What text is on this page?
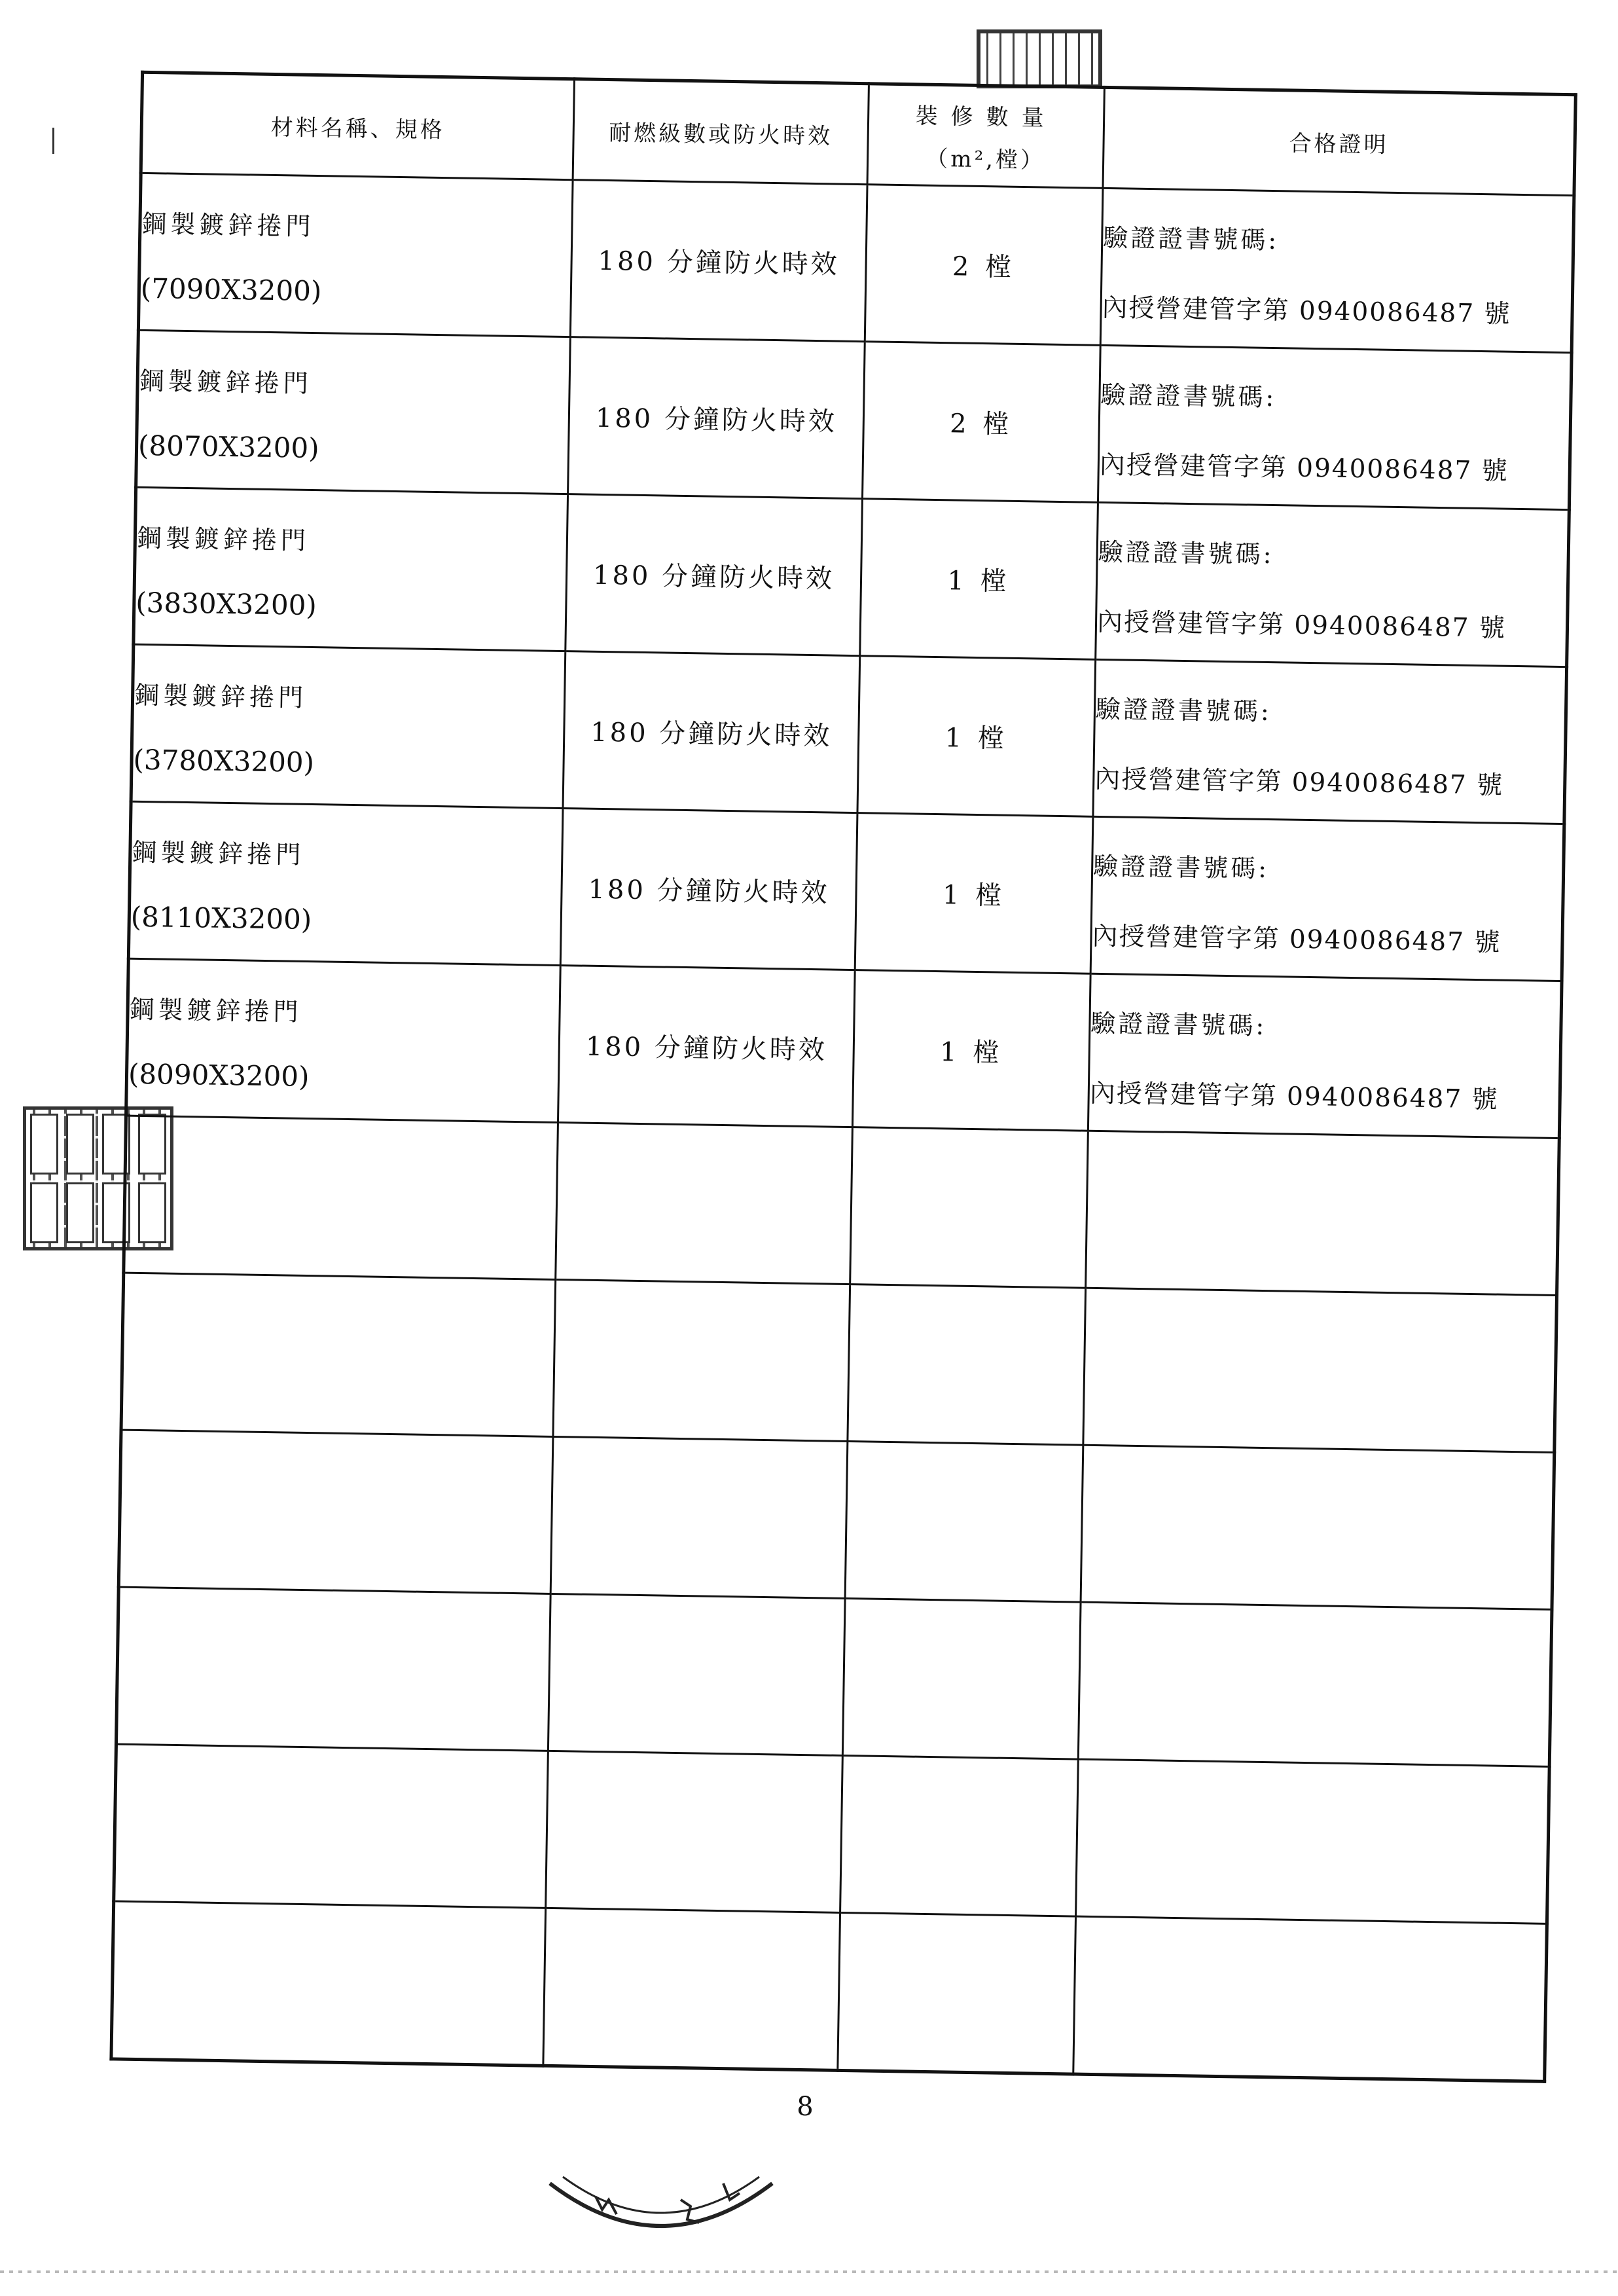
材料名稱、規格	耐燃級數或防火時效	裝修數量
（m²,樘）	合格證明

鋼製鍍鋅捲門
(7090X3200)	180 分鐘防火時效	2 樘	驗證證書號碼:
內授營建管字第 0940086487 號

鋼製鍍鋅捲門
(8070X3200)	180 分鐘防火時效	2 樘	驗證證書號碼:
內授營建管字第 0940086487 號

鋼製鍍鋅捲門
(3830X3200)	180 分鐘防火時效	1 樘	驗證證書號碼:
內授營建管字第 0940086487 號

鋼製鍍鋅捲門
(3780X3200)	180 分鐘防火時效	1 樘	驗證證書號碼:
內授營建管字第 0940086487 號

鋼製鍍鋅捲門
(8110X3200)	180 分鐘防火時效	1 樘	驗證證書號碼:
內授營建管字第 0940086487 號

鋼製鍍鋅捲門
(8090X3200)	180 分鐘防火時效	1 樘	驗證證書號碼:
內授營建管字第 0940086487 號

8
